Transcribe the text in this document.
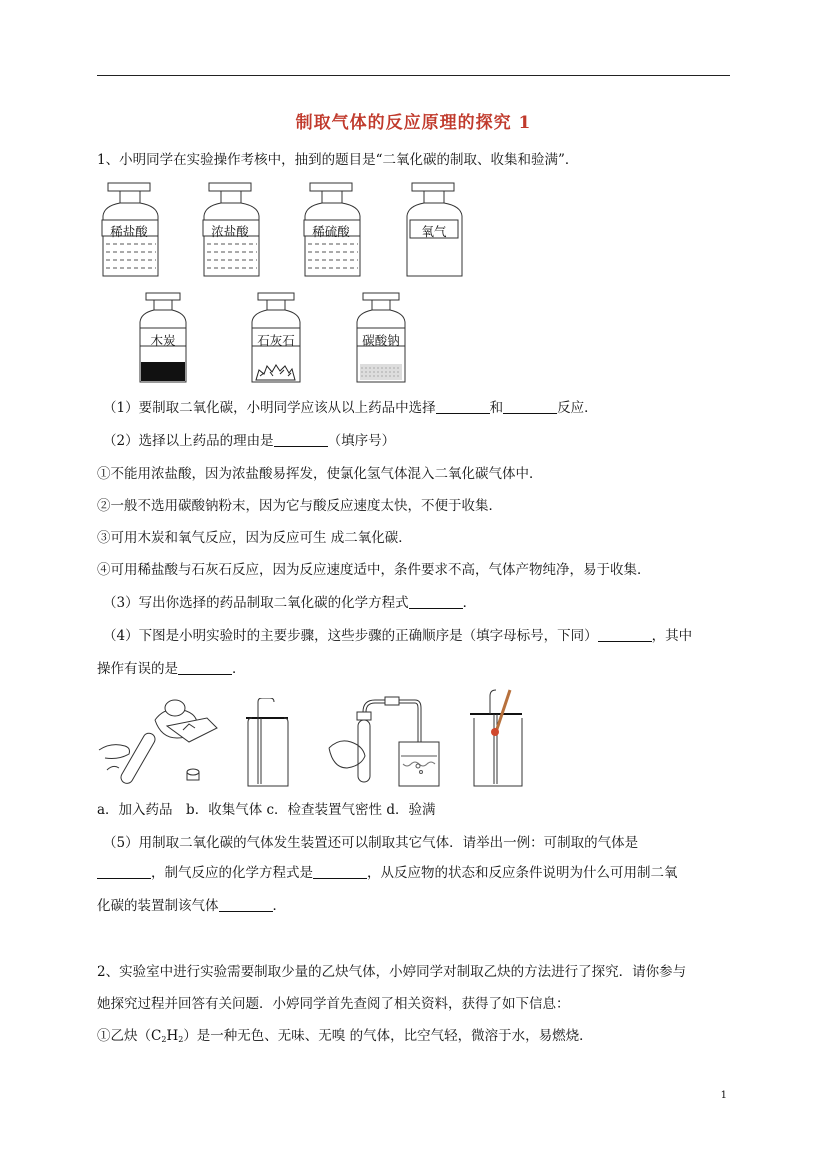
制取气体的反应原理的探究 1
1、小明同学在实验操作考核中，抽到的题目是“二氧化碳的制取、收集和验满”．
稀盐酸	浓盐酸	稀硫酸	氧气
木炭	石灰石	碳酸钠
（1）要制取二氧化碳，小明同学应该从以上药品中选择	和	反应．
（2）选择以上药品的理由是	（填序号）
①不能用浓盐酸，因为浓盐酸易挥发，使氯化氢气体混入二氧化碳气体中．
②一般不选用碳酸钠粉末，因为它与酸反应速度太快，不便于收集．
③可用木炭和氧气反应，因为反应可生 成二氧化碳．
④可用稀盐酸与石灰石反应，因为反应速度适中，条件要求不高，气体产物纯净，易于收集．
（3）写出你选择的药品制取二氧化碳的化学方程式	．
（4）下图是小明实验时的主要步骤，这些步骤的正确顺序是（填字母标号，下同）	，其中
操作有误的是	．
a．加入药品　b．收集气体 c．检查装置气密性 d．验满
（5）用制取二氧化碳的气体发生装置还可以制取其它气体．请举出一例：可制取的气体是
，制气反应的化学方程式是	，从反应物的状态和反应条件说明为什么可用制二氧
化碳的装置制该气体	．
2、实验室中进行实验需要制取少量的乙炔气体，小婷同学对制取乙炔的方法进行了探究．请你参与
她探究过程并回答有关问题．小婷同学首先查阅了相关资料，获得了如下信息：
①乙炔$(C_2H_2)$是一种无色、无味、无嗅 的气体，比空气轻，微溶于水，易燃烧．
1
